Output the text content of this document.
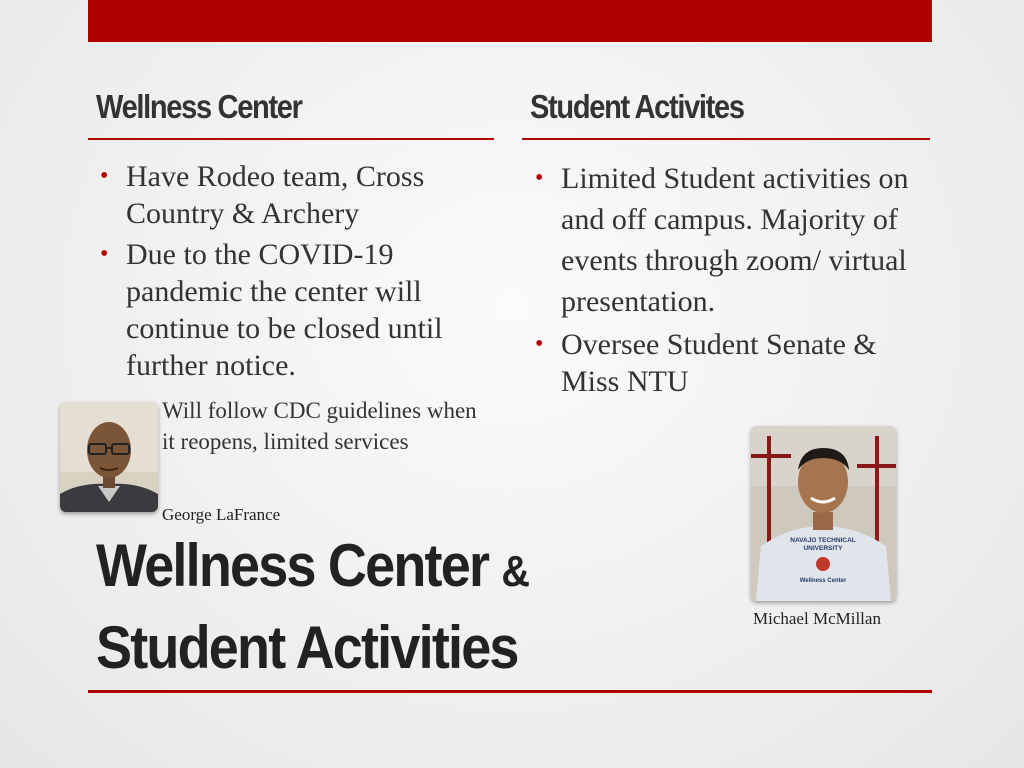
Wellness Center	Student Activites
• Have Rodeo team, Cross Country & Archery
• Due to the COVID-19 pandemic the center will continue to be closed until further notice.
Will follow CDC guidelines when it reopens, limited services
George LaFrance
• Limited Student activities on and off campus. Majority of events through zoom/ virtual presentation.
• Oversee Student Senate & Miss NTU
NAVAJO TECHNICAL
UNIVERSITY
Wellness Center
Michael McMillan
Wellness Center &
Student Activities
